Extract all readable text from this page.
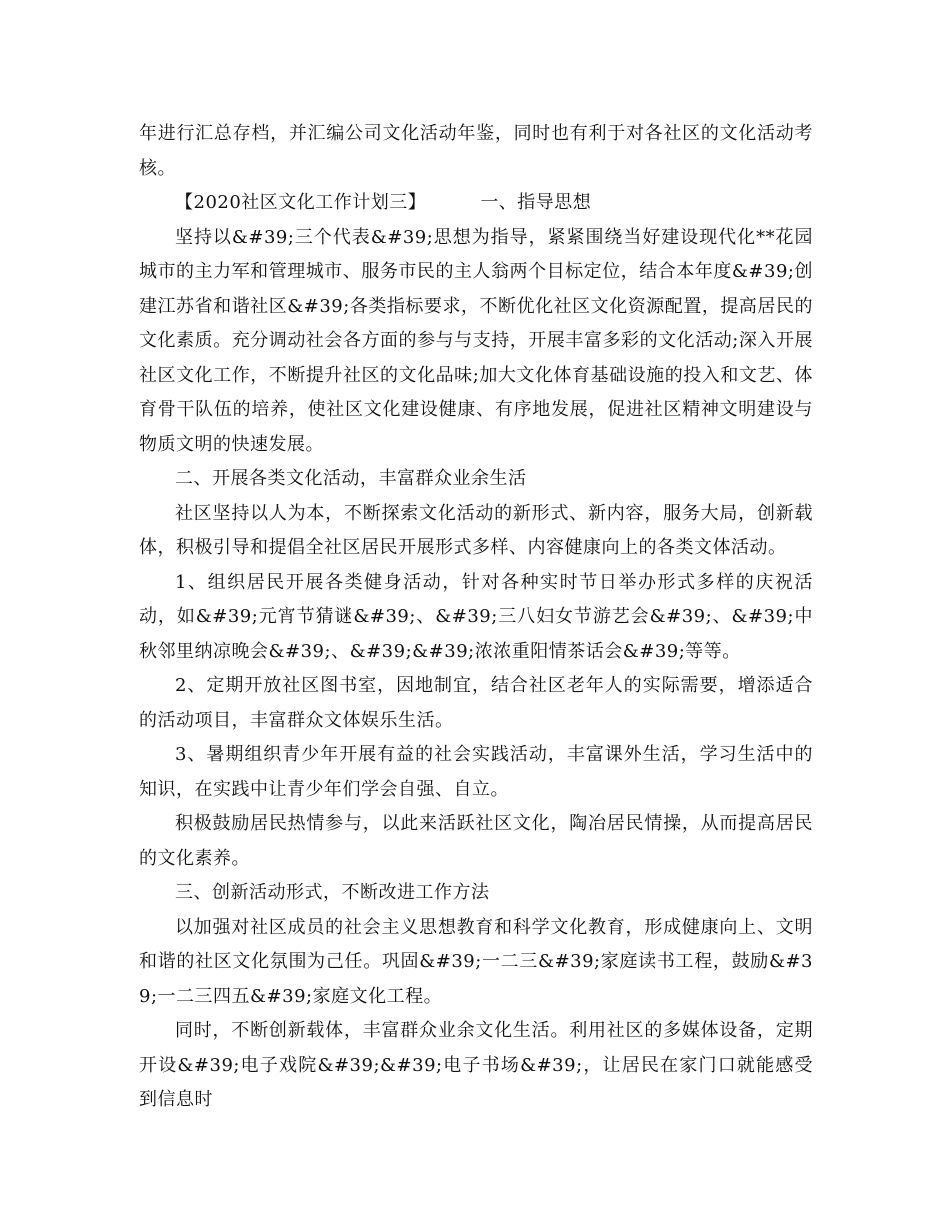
年进行汇总存档，并汇编公司文化活动年鉴，同时也有利于对各社区的文化活动考核。

【2020社区文化工作计划三】	一、指导思想

坚持以&#39;三个代表&#39;思想为指导，紧紧围绕当好建设现代化**花园城市的主力军和管理城市、服务市民的主人翁两个目标定位，结合本年度&#39;创建江苏省和谐社区&#39;各类指标要求，不断优化社区文化资源配置，提高居民的文化素质。充分调动社会各方面的参与与支持，开展丰富多彩的文化活动;深入开展社区文化工作，不断提升社区的文化品味;加大文化体育基础设施的投入和文艺、体育骨干队伍的培养，使社区文化建设健康、有序地发展，促进社区精神文明建设与物质文明的快速发展。

二、开展各类文化活动，丰富群众业余生活

社区坚持以人为本，不断探索文化活动的新形式、新内容，服务大局，创新载体，积极引导和提倡全社区居民开展形式多样、内容健康向上的各类文体活动。

1、组织居民开展各类健身活动，针对各种实时节日举办形式多样的庆祝活动，如&#39;元宵节猜谜&#39;、&#39;三八妇女节游艺会&#39;、&#39;中秋邻里纳凉晚会&#39;、&#39;&#39;浓浓重阳情茶话会&#39;等等。

2、定期开放社区图书室，因地制宜，结合社区老年人的实际需要，增添适合的活动项目，丰富群众文体娱乐生活。

3、暑期组织青少年开展有益的社会实践活动，丰富课外生活，学习生活中的知识，在实践中让青少年们学会自强、自立。

积极鼓励居民热情参与，以此来活跃社区文化，陶冶居民情操，从而提高居民的文化素养。

三、创新活动形式，不断改进工作方法

以加强对社区成员的社会主义思想教育和科学文化教育，形成健康向上、文明和谐的社区文化氛围为己任。巩固&#39;一二三&#39;家庭读书工程，鼓励&#39;一二三四五&#39;家庭文化工程。

同时，不断创新载体，丰富群众业余文化生活。利用社区的多媒体设备，定期开设&#39;电子戏院&#39;&#39;电子书场&#39;，让居民在家门口就能感受到信息时
